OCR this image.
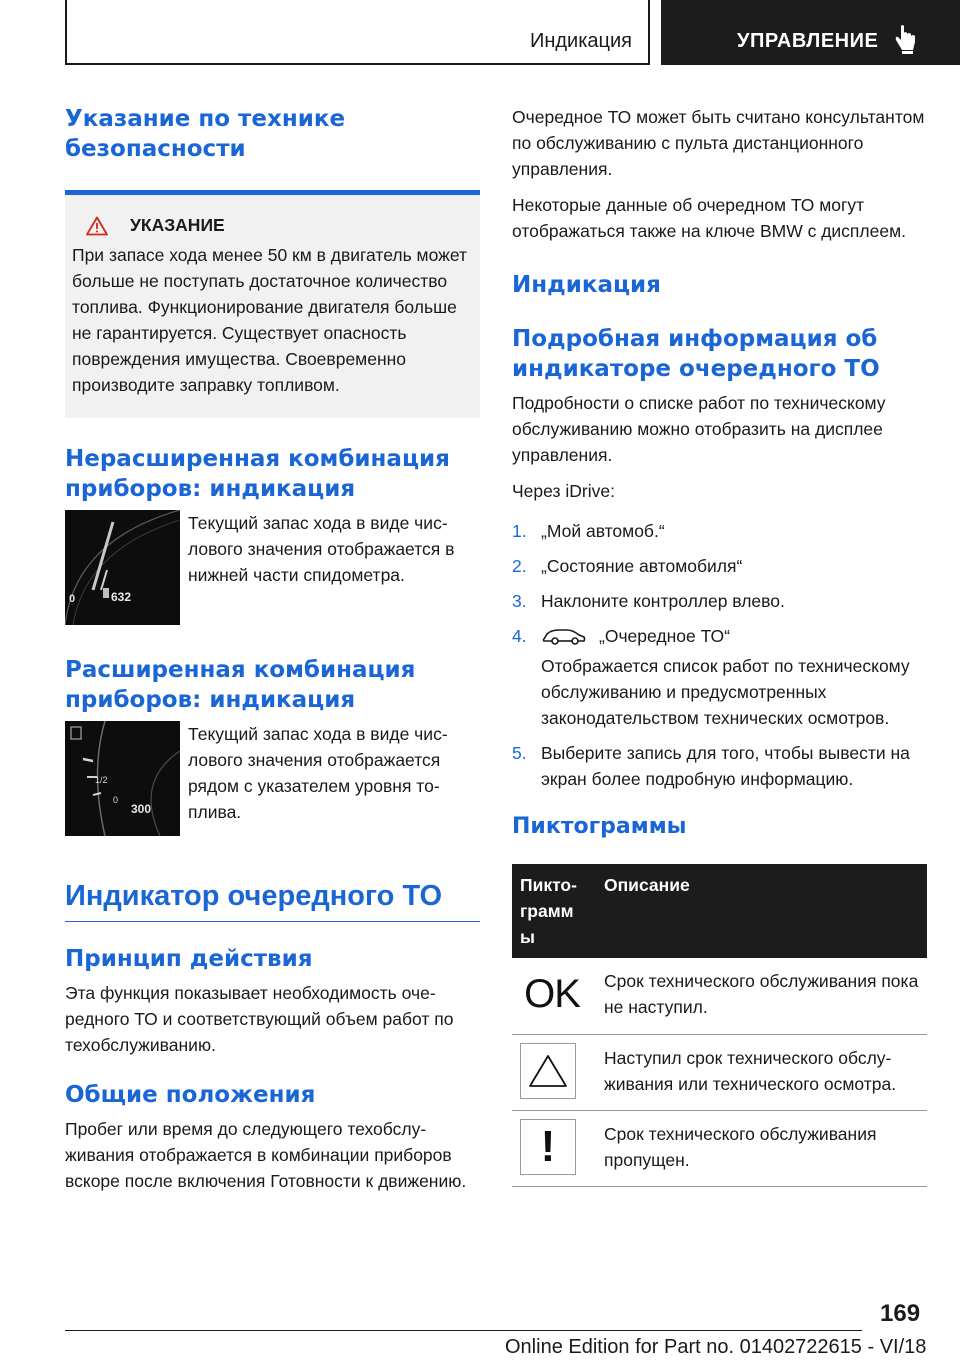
Индикация	УПРАВЛЕНИЕ
Указание по технике безопасности
УКАЗАНИЕ

При запасе хода менее 50 км в двигатель может больше не поступать достаточное количество топлива. Функционирование двигателя больше не гарантируется. Существует опасность повреждения имущества. Своевременно производите заправку топливом.

Нерасширенная комбинация приборов: индикация
0	632

Текущий запас хода в виде числового значения отображается в нижней части спидометра.

Расширенная комбинация приборов: индикация
1/2
0
300

Текущий запас хода в виде числового значения отображается рядом с указателем уровня топлива.

Индикатор очередного ТО
Принцип действия

Эта функция показывает необходимость очередного ТО и соответствующий объем работ по техобслуживанию.

Общие положения

Пробег или время до следующего техобслуживания отображается в комбинации приборов вскоре после включения Готовности к движению.

Очередное ТО может быть считано консультантом по обслуживанию с пульта дистанционного управления.

Некоторые данные об очередном ТО могут отображаться также на ключе BMW с дисплеем.

Индикация
Подробная информация об индикаторе очередного ТО

Подробности о списке работ по техническому обслуживанию можно отобразить на дисплее управления.

Через iDrive:

1. „Мой автомоб.“
2. „Состояние автомобиля“
3. Наклоните контроллер влево.
4.	„Очередное ТО“
Отображается список работ по техническому обслуживанию и предусмотренных законодательством технических осмотров.
5. Выберите запись для того, чтобы вывести на экран более подробную информацию.
Пиктограммы
Пиктограмм ы	Описание

OK	Срок технического обслуживания пока не наступил.

	Наступил срок технического обслуживания или технического осмотра.

!	Срок технического обслуживания пропущен.
169
Online Edition for Part no. 01402722615 - VI/18
